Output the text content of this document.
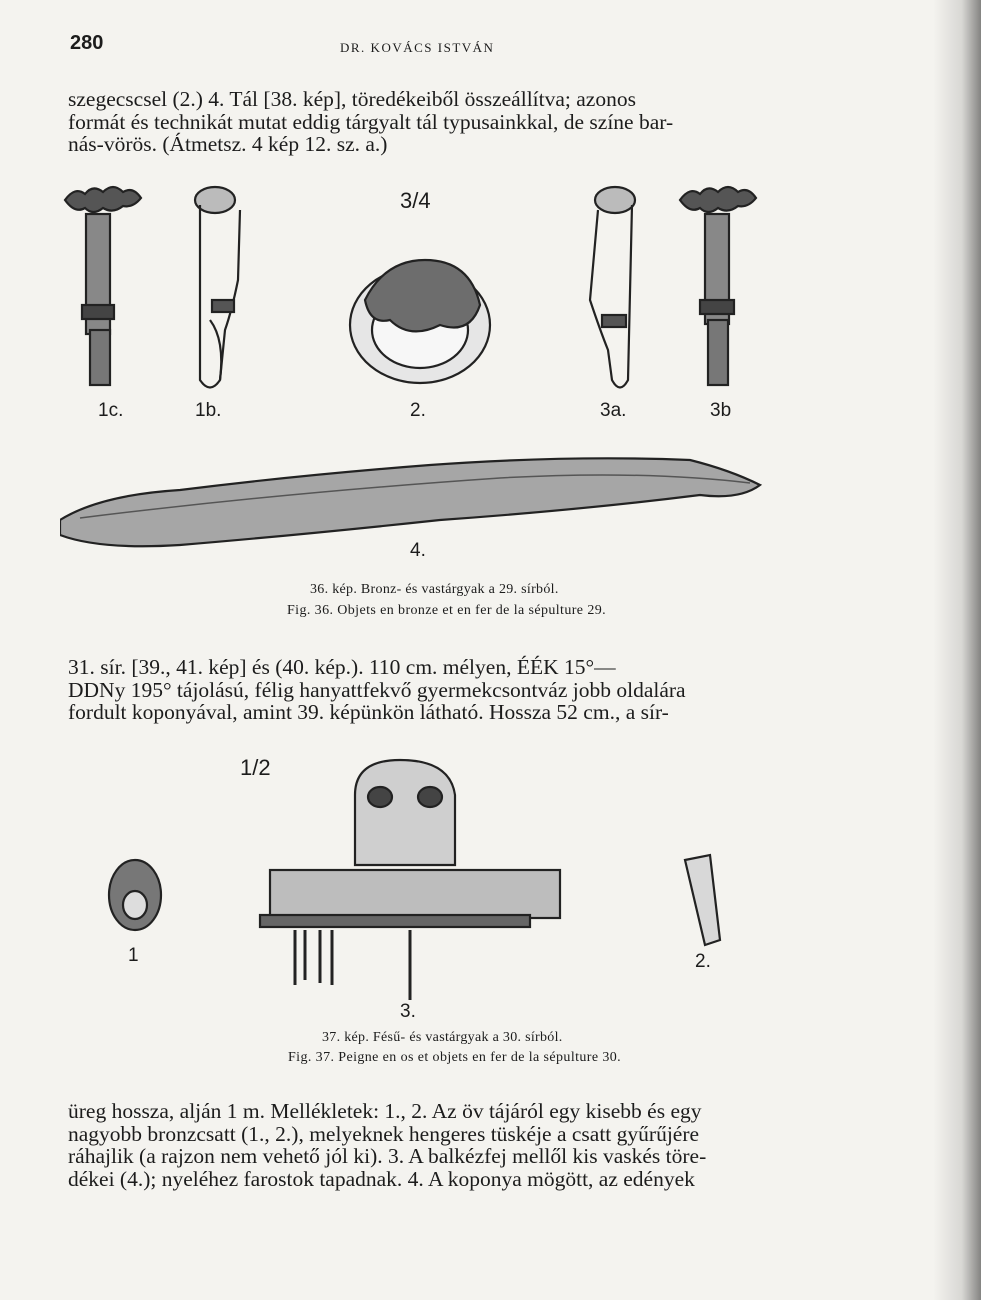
280	DR. KOVÁCS ISTVÁN
szegecscsel (2.) 4. Tál [38. kép], töredékeiből összeállítva; azonos
formát és technikát mutat eddig tárgyalt tál typusainkkal, de színe bar-
nás-vörös. (Átmetsz. 4 kép 12. sz. a.)
3/4
1c.	1b.	2.	3a.	3b
4.
36. kép. Bronz- és vastárgyak a 29. sírból.
Fig. 36. Objets en bronze et en fer de la sépulture 29.
31. sír. [39., 41. kép] és (40. kép.). 110 cm. mélyen, ÉÉK 15°—
DDNy 195° tájolású, félig hanyattfekvő gyermekcsontváz jobb oldalára
fordult koponyával, amint 39. képünkön látható. Hossza 52 cm., a sír-
1/2
1	2.
3.
37. kép. Fésű- és vastárgyak a 30. sírból.
Fig. 37. Peigne en os et objets en fer de la sépulture 30.
üreg hossza, alján 1 m. Mellékletek: 1., 2. Az öv tájáról egy kisebb és egy
nagyobb bronzcsatt (1., 2.), melyeknek hengeres tüskéje a csatt gyűrűjére
ráhajlik (a rajzon nem vehető jól ki). 3. A balkézfej mellől kis vaskés töre-
dékei (4.); nyeléhez farostok tapadnak. 4. A koponya mögött, az edények
